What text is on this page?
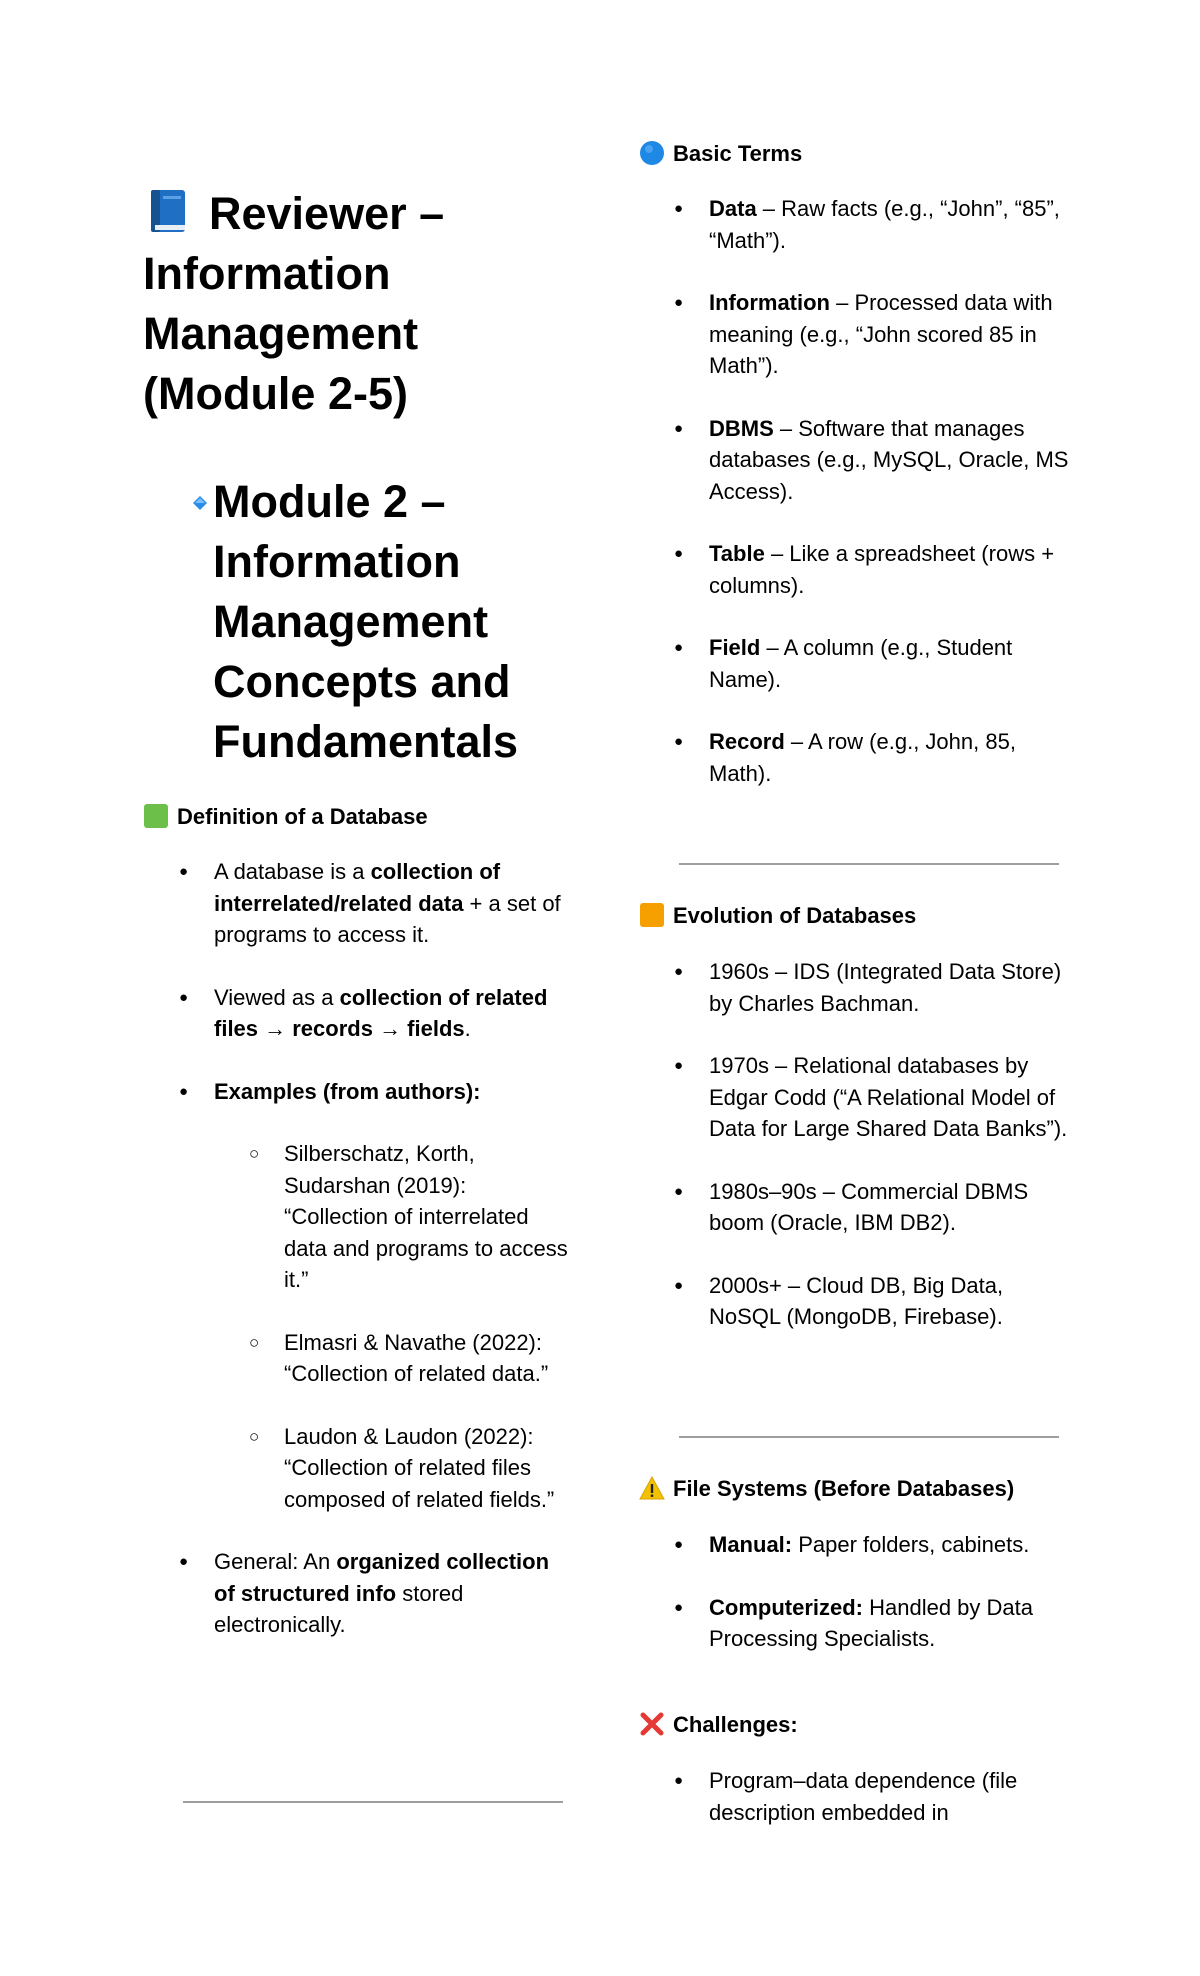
Reviewer – Information Management (Module 2-5)
Module 2 – Information Management Concepts and Fundamentals
Definition of a Database
● A database is a collection of interrelated/related data + a set of programs to access it.
● Viewed as a collection of related files → records → fields.
● Examples (from authors):
○ Silberschatz, Korth, Sudarshan (2019): “Collection of interrelated data and programs to access it.”
○ Elmasri & Navathe (2022): “Collection of related data.”
○ Laudon & Laudon (2022): “Collection of related files composed of related fields.”
● General: An organized collection of structured info stored electronically.
Basic Terms
● Data – Raw facts (e.g., “John”, “85”, “Math”).
● Information – Processed data with meaning (e.g., “John scored 85 in Math”).
● DBMS – Software that manages databases (e.g., MySQL, Oracle, MS Access).
● Table – Like a spreadsheet (rows + columns).
● Field – A column (e.g., Student Name).
● Record – A row (e.g., John, 85, Math).
Evolution of Databases
● 1960s – IDS (Integrated Data Store) by Charles Bachman.
● 1970s – Relational databases by Edgar Codd (“A Relational Model of Data for Large Shared Data Banks”).
● 1980s–90s – Commercial DBMS boom (Oracle, IBM DB2).
● 2000s+ – Cloud DB, Big Data, NoSQL (MongoDB, Firebase).
File Systems (Before Databases)
● Manual: Paper folders, cabinets.
● Computerized: Handled by Data Processing Specialists.
Challenges:
● Program–data dependence (file description embedded in
